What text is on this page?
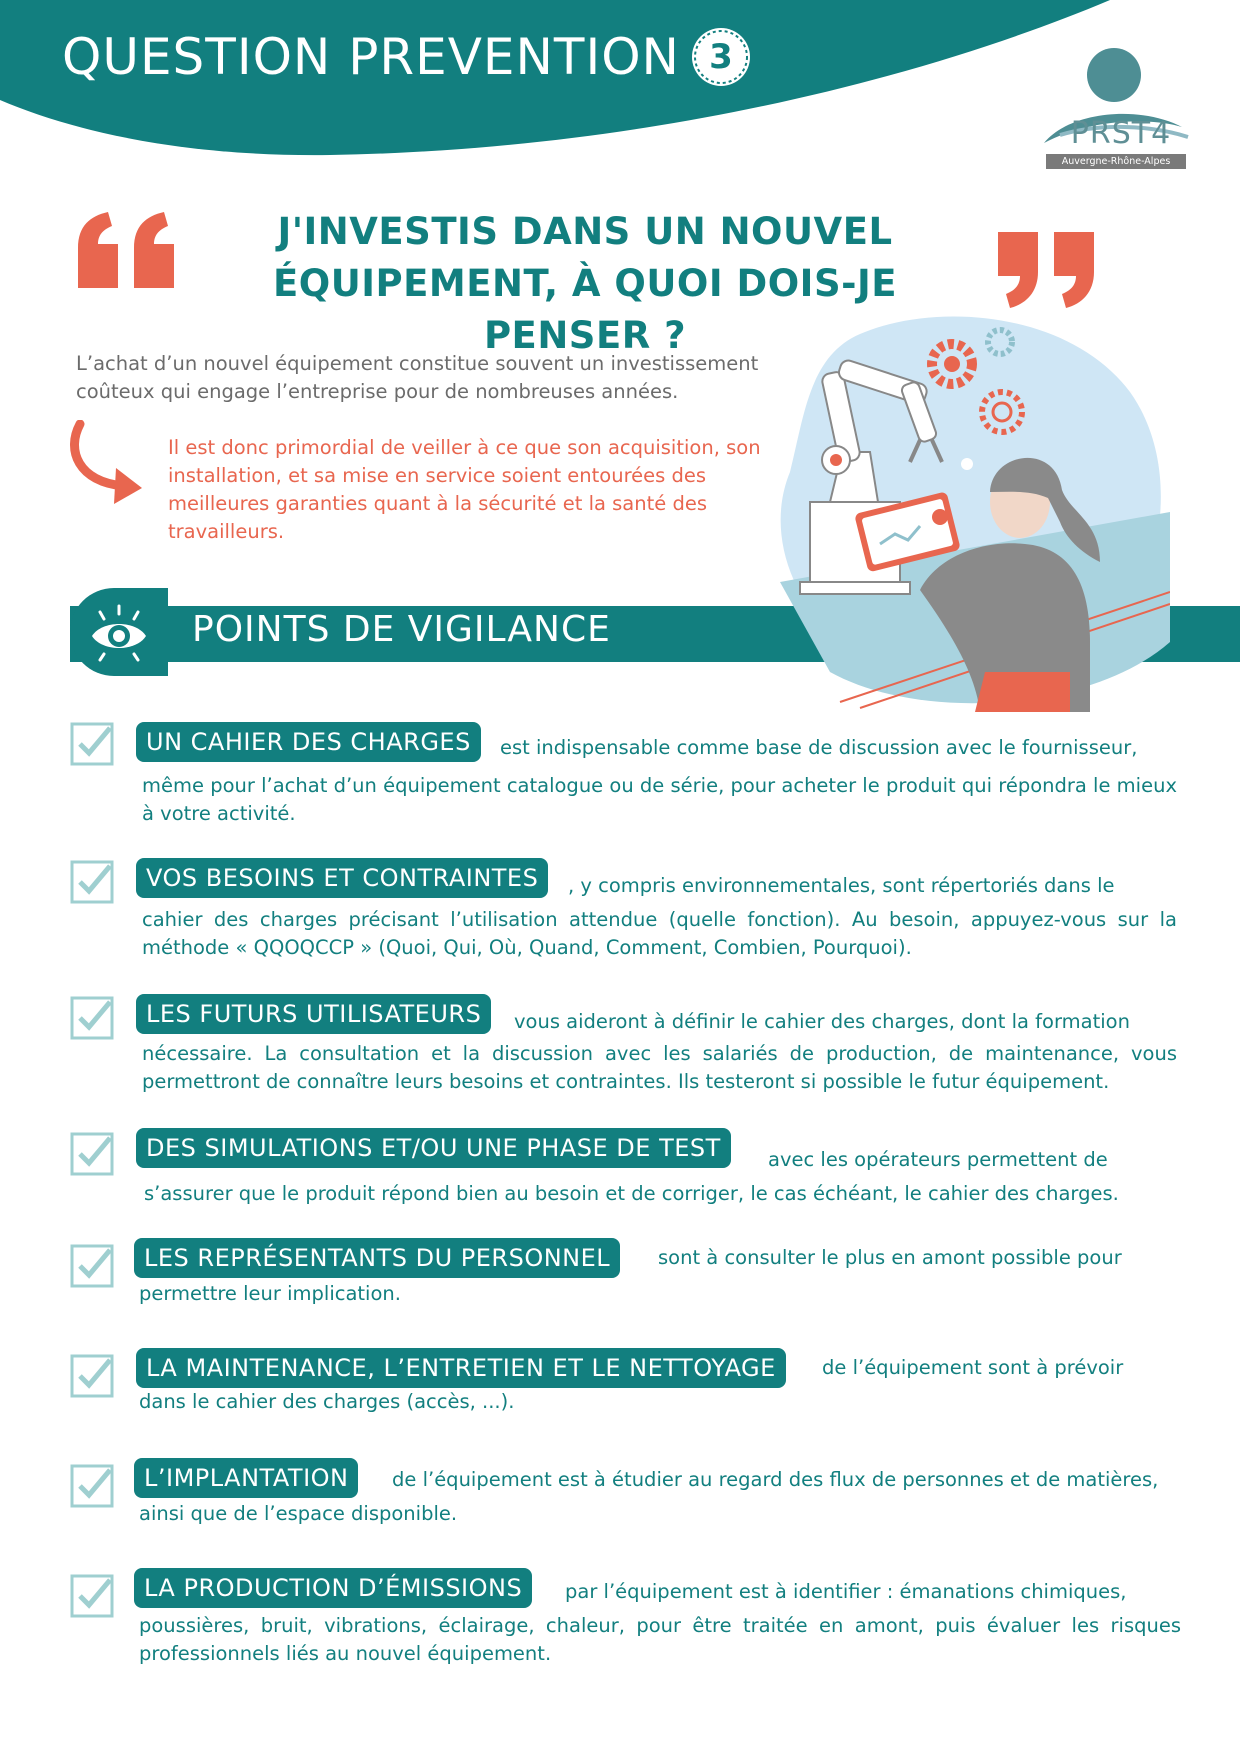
QUESTION PREVENTION 3
PRST4
Auvergne-Rhône-Alpes
J'INVESTIS DANS UN NOUVEL
ÉQUIPEMENT, À QUOI DOIS-JE PENSER ?
L’achat d’un nouvel équipement constitue souvent un investissement
coûteux qui engage l’entreprise pour de nombreuses années.
Il est donc primordial de veiller à ce que son acquisition, son
installation, et sa mise en service soient entourées des
meilleures garanties quant à la sécurité et la santé des
travailleurs.
POINTS DE VIGILANCE
UN CAHIER DES CHARGES	est indispensable comme base de discussion avec le fournisseur,
même pour l’achat d’un équipement catalogue ou de série, pour acheter le produit qui répondra le mieux à votre activité.
VOS BESOINS ET CONTRAINTES	, y compris environnementales, sont répertoriés dans le
cahier des charges précisant l’utilisation attendue (quelle fonction). Au besoin, appuyez-vous sur la méthode « QQOQCCP » (Quoi, Qui, Où, Quand, Comment, Combien, Pourquoi).
LES FUTURS UTILISATEURS	vous aideront à définir le cahier des charges, dont la formation
nécessaire. La consultation et la discussion avec les salariés de production, de maintenance, vous permettront de connaître leurs besoins et contraintes. Ils testeront si possible le futur équipement.
DES SIMULATIONS ET/OU UNE PHASE DE TEST	avec les opérateurs permettent de
s’assurer que le produit répond bien au besoin et de corriger, le cas échéant, le cahier des charges.
LES REPRÉSENTANTS DU PERSONNEL	sont à consulter le plus en amont possible pour
permettre leur implication.
LA MAINTENANCE, L’ENTRETIEN ET LE NETTOYAGE	de l’équipement sont à prévoir
dans le cahier des charges (accès, ...).
L’IMPLANTATION	de l’équipement est à étudier au regard des flux de personnes et de matières,
ainsi que de l’espace disponible.
LA PRODUCTION D’ÉMISSIONS	par l’équipement est à identifier : émanations chimiques,
poussières, bruit, vibrations, éclairage, chaleur, pour être traitée en amont, puis évaluer les risques professionnels liés au nouvel équipement.
